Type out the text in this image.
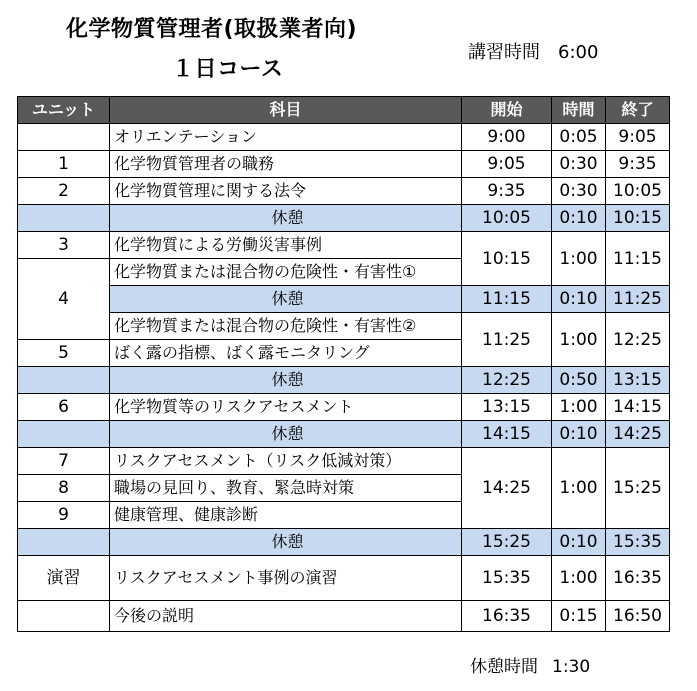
化学物質管理者(取扱業者向)
１日コース
講習時間 6:00
ユニット	科目	開始	時間	終了
	オリエンテーション	9:00	0:05	9:05
1	化学物質管理者の職務	9:05	0:30	9:35
2	化学物質管理に関する法令	9:35	0:30	10:05
	休憩	10:05	0:10	10:15
3	化学物質による労働災害事例	10:15	1:00	11:15
4	化学物質または混合物の危険性・有害性①			
	休憩	11:15	0:10	11:25
	化学物質または混合物の危険性・有害性②	11:25	1:00	12:25
5	ばく露の指標、ばく露モニタリング			
	休憩	12:25	0:50	13:15
6	化学物質等のリスクアセスメント	13:15	1:00	14:15
	休憩	14:15	0:10	14:25
7	リスクアセスメント（リスク低減対策）	14:25	1:00	15:25
8	職場の見回り、教育、緊急時対策			
9	健康管理、健康診断			
	休憩	15:25	0:10	15:35
演習	リスクアセスメント事例の演習	15:35	1:00	16:35
	今後の説明	16:35	0:15	16:50
休憩時間 1:30
